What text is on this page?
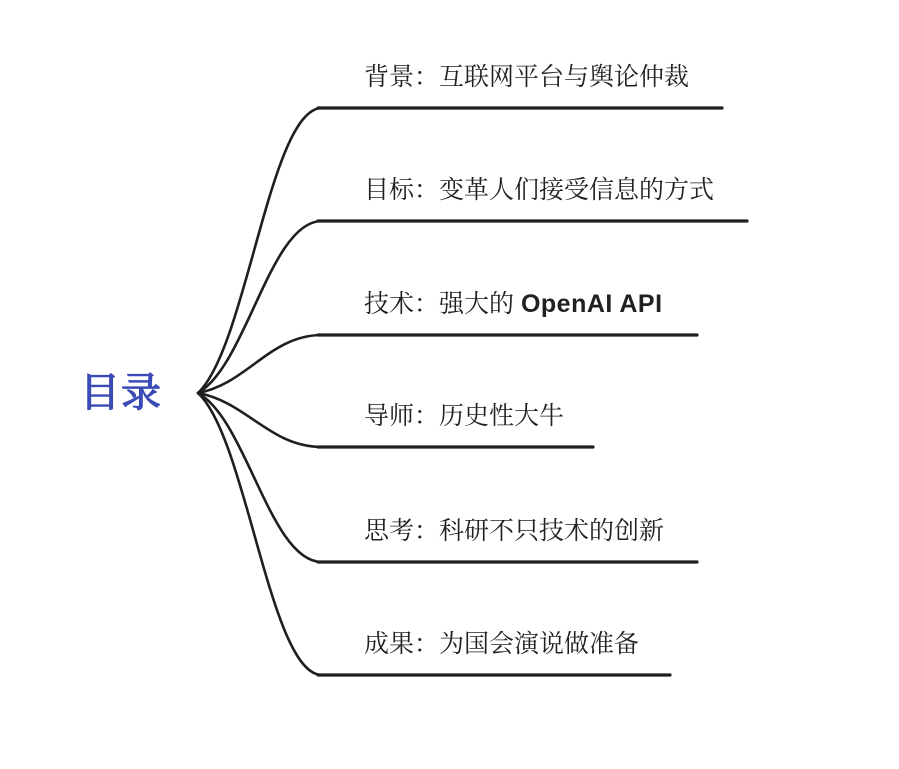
目录
背景：互联网平台与舆论仲裁
目标：变革人们接受信息的方式
技术：强大的 OpenAI API
导师：历史性大牛
思考：科研不只技术的创新
成果：为国会演说做准备
